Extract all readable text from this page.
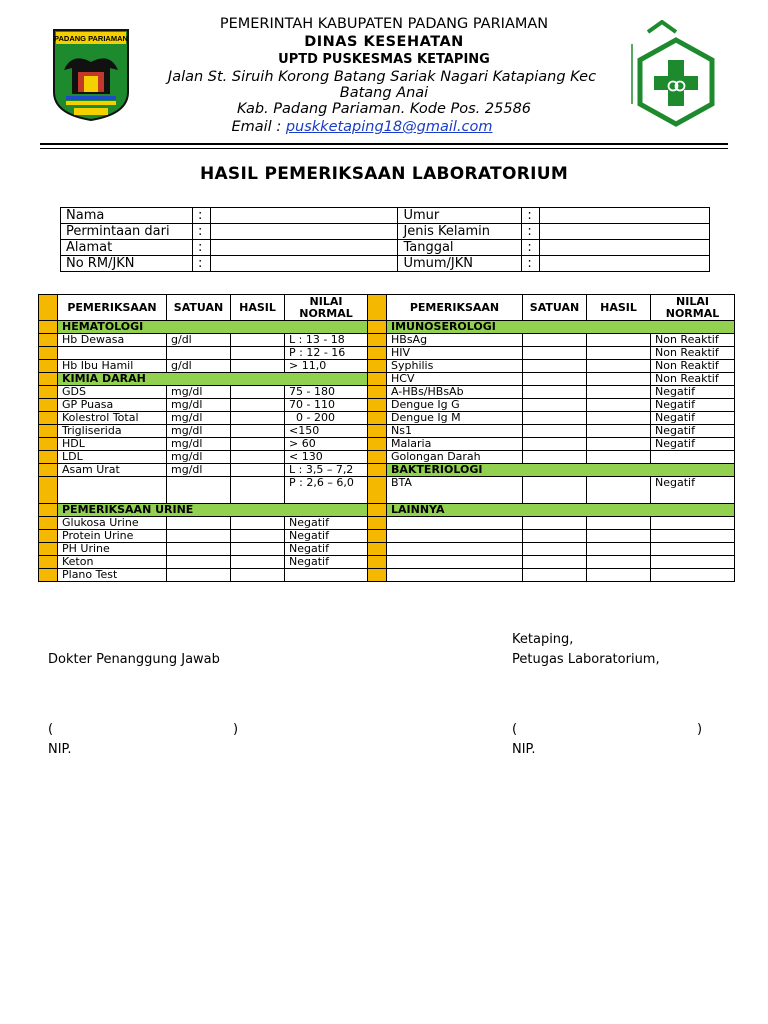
PADANG PARIAMAN
PEMERINTAH KABUPATEN PADANG PARIAMAN
DINAS KESEHATAN
UPTD PUSKESMAS KETAPING
Jalan St. Siruih Korong Batang Sariak Nagari Katapiang Kec
Batang Anai
Kab. Padang Pariaman. Kode Pos. 25586
Email : puskketaping18@gmail.com
HASIL PEMERIKSAAN LABORATORIUM
Nama	:		Umur	:	
Permintaan dari	:		Jenis Kelamin	:	
Alamat	:		Tanggal	:	
No RM/JKN	:		Umum/JKN	:	
	PEMERIKSAAN	SATUAN	HASIL	NILAI NORMAL		PEMERIKSAAN	SATUAN	HASIL	NILAI NORMAL
	HEMATOLOGI					IMUNOSEROLOGI			
	Hb Dewasa	g/dl		L : 13 - 18		HBsAg			Non Reaktif
				P : 12 - 16		HIV			Non Reaktif
	Hb Ibu Hamil	g/dl		> 11,0		Syphilis			Non Reaktif
	KIMIA DARAH					HCV			Non Reaktif
	GDS	mg/dl		75 - 180		A-HBs/HBsAb			Negatif
	GP Puasa	mg/dl		70 - 110		Dengue Ig G			Negatif
	Kolestrol Total	mg/dl		0 - 200		Dengue Ig M			Negatif
	Trigliserida	mg/dl		<150		Ns1			Negatif
	HDL	mg/dl		> 60		Malaria			Negatif
	LDL	mg/dl		< 130		Golongan Darah			
	Asam Urat	mg/dl		L : 3,5 – 7,2		BAKTERIOLOGI			
				P : 2,6 – 6,0		BTA			Negatif
	PEMERIKSAAN URINE					LAINNYA			
	Glukosa Urine			Negatif					
	Protein Urine			Negatif					
	PH Urine			Negatif					
	Keton			Negatif					
	Plano Test								
Ketaping,
Dokter Penanggung Jawab	Petugas Laboratorium,
(	)	(	)
NIP.	NIP.
